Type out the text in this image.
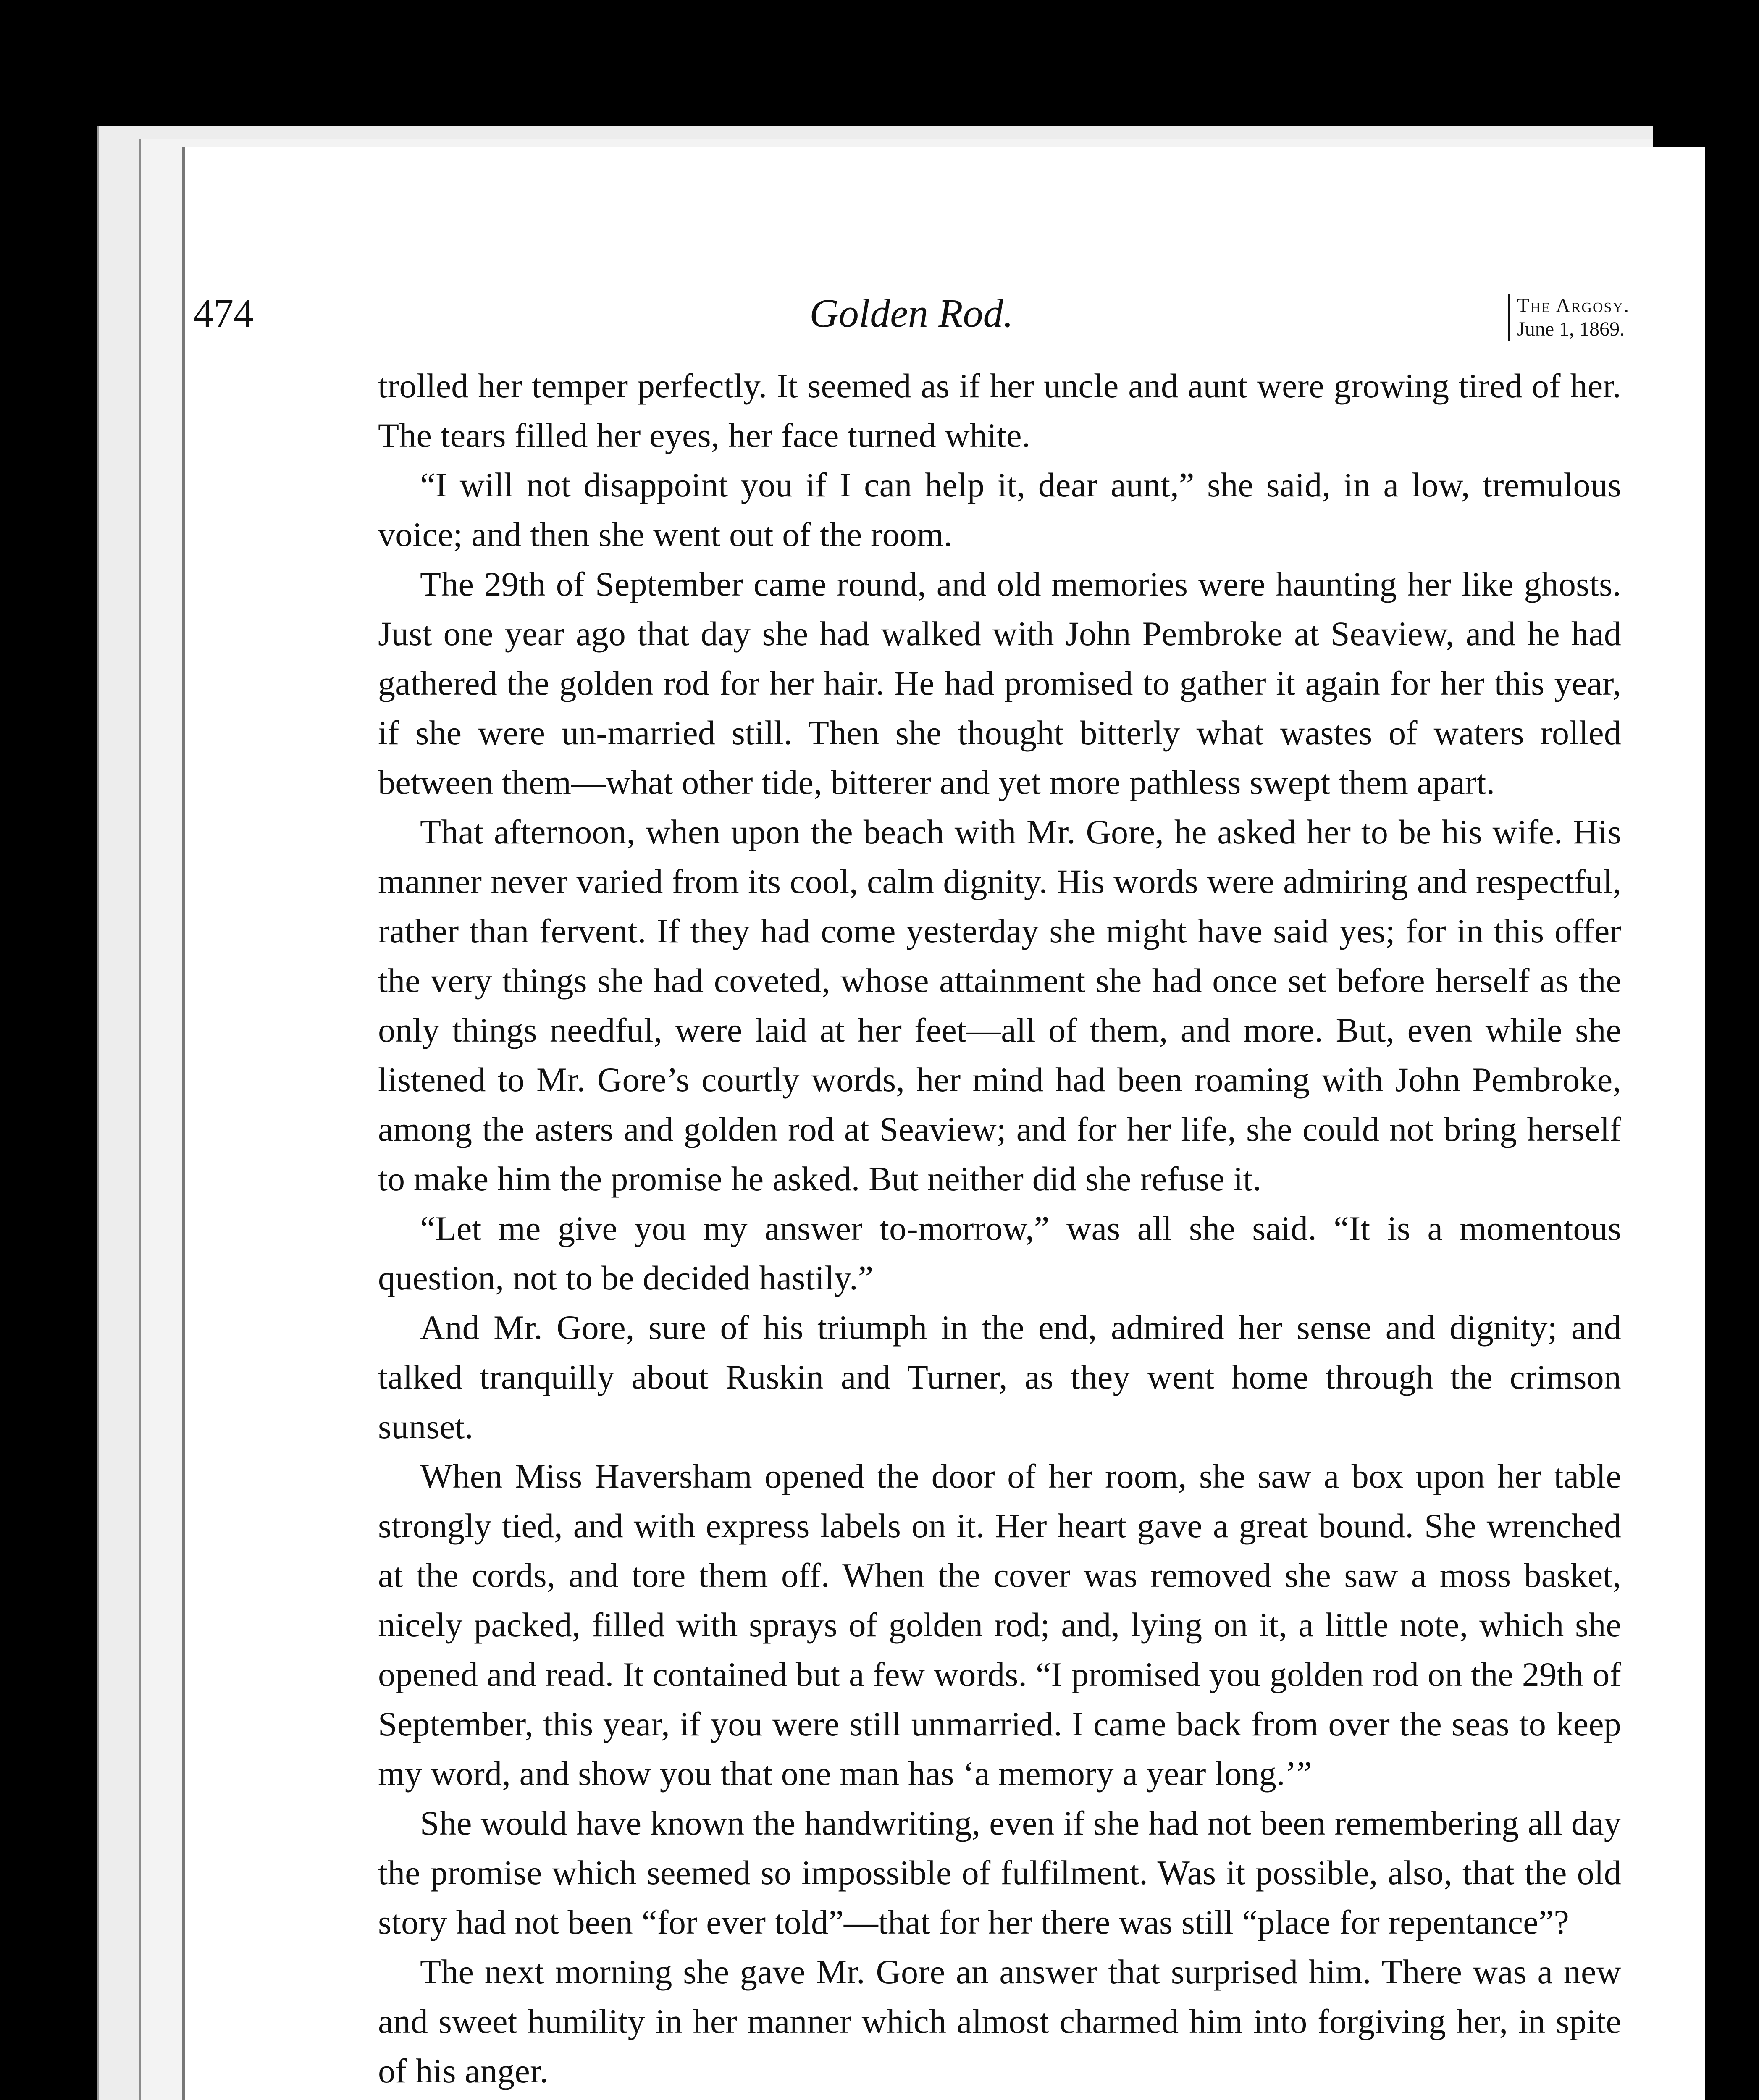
474	Golden Rod.	The Argosy.
June 1, 1869.

trolled her temper perfectly. It seemed as if her uncle and aunt were growing tired of her. The tears filled her eyes, her face turned white.

“I will not disappoint you if I can help it, dear aunt,” she said, in a low, tremulous voice; and then she went out of the room.

The 29th of September came round, and old memories were haunting her like ghosts. Just one year ago that day she had walked with John Pembroke at Seaview, and he had gathered the golden rod for her hair. He had promised to gather it again for her this year, if she were un-married still. Then she thought bitterly what wastes of waters rolled between them—what other tide, bitterer and yet more pathless swept them apart.

That afternoon, when upon the beach with Mr. Gore, he asked her to be his wife. His manner never varied from its cool, calm dignity. His words were admiring and respectful, rather than fervent. If they had come yesterday she might have said yes; for in this offer the very things she had coveted, whose attainment she had once set before herself as the only things needful, were laid at her feet—all of them, and more. But, even while she listened to Mr. Gore’s courtly words, her mind had been roaming with John Pembroke, among the asters and golden rod at Seaview; and for her life, she could not bring herself to make him the promise he asked. But neither did she refuse it.

“Let me give you my answer to-morrow,” was all she said. “It is a momentous question, not to be decided hastily.”

And Mr. Gore, sure of his triumph in the end, admired her sense and dignity; and talked tranquilly about Ruskin and Turner, as they went home through the crimson sunset.

When Miss Haversham opened the door of her room, she saw a box upon her table strongly tied, and with express labels on it. Her heart gave a great bound. She wrenched at the cords, and tore them off. When the cover was removed she saw a moss basket, nicely packed, filled with sprays of golden rod; and, lying on it, a little note, which she opened and read. It contained but a few words. “I promised you golden rod on the 29th of September, this year, if you were still unmarried. I came back from over the seas to keep my word, and show you that one man has ‘a memory a year long.’”

She would have known the handwriting, even if she had not been remembering all day the promise which seemed so impossible of fulfilment. Was it possible, also, that the old story had not been “for ever told”—that for her there was still “place for repentance”?

The next morning she gave Mr. Gore an answer that surprised him. There was a new and sweet humility in her manner which almost charmed him into forgiving her, in spite of his anger.
